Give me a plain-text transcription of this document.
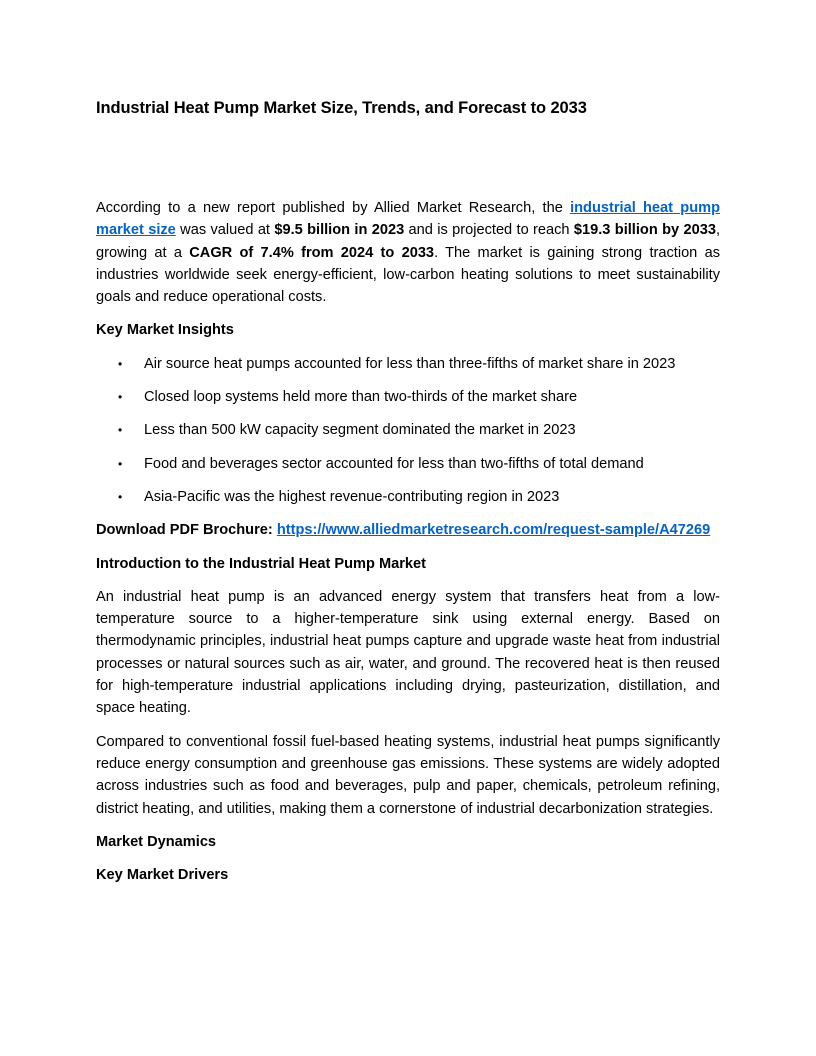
Industrial Heat Pump Market Size, Trends, and Forecast to 2033

According to a new report published by Allied Market Research, the industrial heat pump market size was valued at $9.5 billion in 2023 and is projected to reach $19.3 billion by 2033, growing at a CAGR of 7.4% from 2024 to 2033. The market is gaining strong traction as industries worldwide seek energy-efficient, low-carbon heating solutions to meet sustainability goals and reduce operational costs.

Key Market Insights
• Air source heat pumps accounted for less than three-fifths of market share in 2023
• Closed loop systems held more than two-thirds of the market share
• Less than 500 kW capacity segment dominated the market in 2023
• Food and beverages sector accounted for less than two-fifths of total demand
• Asia-Pacific was the highest revenue-contributing region in 2023
Download PDF Brochure: https://www.alliedmarketresearch.com/request-sample/A47269
Introduction to the Industrial Heat Pump Market

An industrial heat pump is an advanced energy system that transfers heat from a low-temperature source to a higher-temperature sink using external energy. Based on thermodynamic principles, industrial heat pumps capture and upgrade waste heat from industrial processes or natural sources such as air, water, and ground. The recovered heat is then reused for high-temperature industrial applications including drying, pasteurization, distillation, and space heating.

Compared to conventional fossil fuel-based heating systems, industrial heat pumps significantly reduce energy consumption and greenhouse gas emissions. These systems are widely adopted across industries such as food and beverages, pulp and paper, chemicals, petroleum refining, district heating, and utilities, making them a cornerstone of industrial decarbonization strategies.

Market Dynamics
Key Market Drivers
